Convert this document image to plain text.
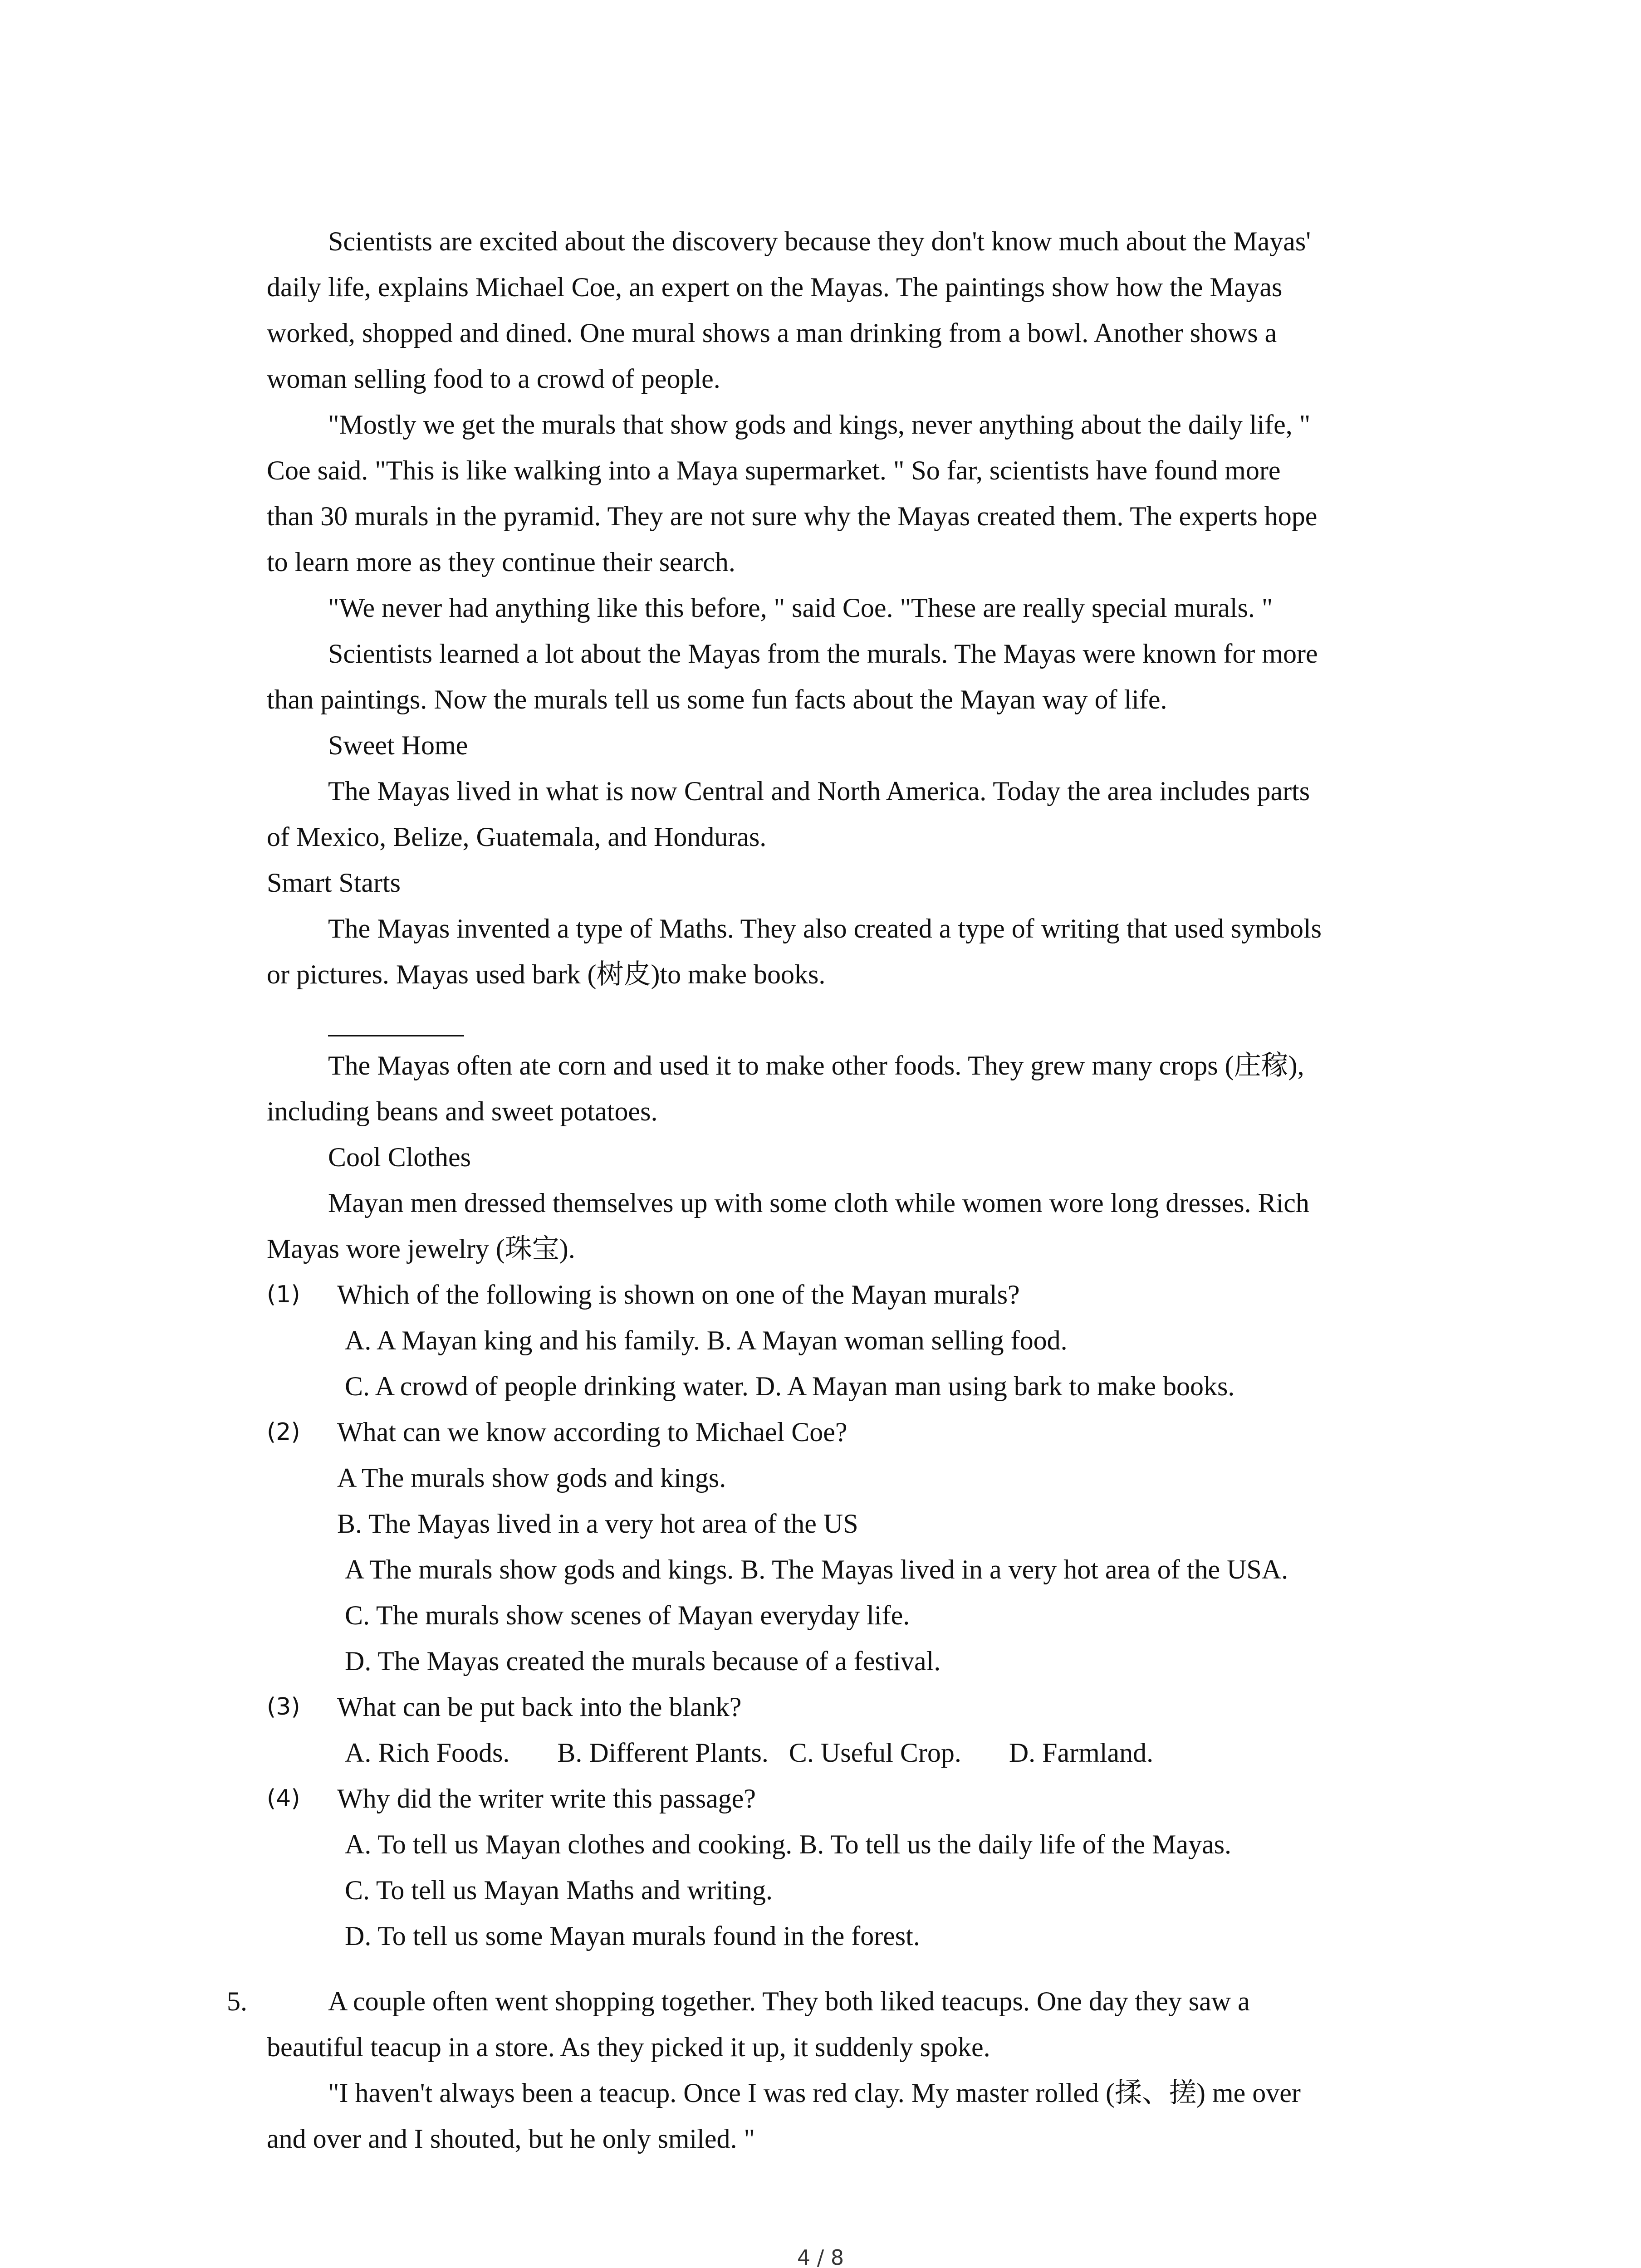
Scientists are excited about the discovery because they don't know much about the Mayas'
daily life, explains Michael Coe, an expert on the Mayas. The paintings show how the Mayas
worked, shopped and dined. One mural shows a man drinking from a bowl. Another shows a
woman selling food to a crowd of people.
"Mostly we get the murals that show gods and kings, never anything about the daily life, "
Coe said. "This is like walking into a Maya supermarket. " So far, scientists have found more
than 30 murals in the pyramid. They are not sure why the Mayas created them. The experts hope
to learn more as they continue their search.
"We never had anything like this before, " said Coe. "These are really special murals. "
Scientists learned a lot about the Mayas from the murals. The Mayas were known for more
than paintings. Now the murals tell us some fun facts about the Mayan way of life.
Sweet Home
The Mayas lived in what is now Central and North America. Today the area includes parts
of Mexico, Belize, Guatemala, and Honduras.
Smart Starts
The Mayas invented a type of Maths. They also created a type of writing that used symbols
or pictures. Mayas used bark (树皮)to make books.
The Mayas often ate corn and used it to make other foods. They grew many crops (庄稼),
including beans and sweet potatoes.
Cool Clothes
Mayan men dressed themselves up with some cloth while women wore long dresses. Rich
Mayas wore jewelry (珠宝).
(1) Which of the following is shown on one of the Mayan murals?
A. A Mayan king and his family. B. A Mayan woman selling food.
C. A crowd of people drinking water. D. A Mayan man using bark to make books.
(2) What can we know according to Michael Coe?
A The murals show gods and kings.
B. The Mayas lived in a very hot area of the US
A The murals show gods and kings. B. The Mayas lived in a very hot area of the USA.
C. The murals show scenes of Mayan everyday life.
D. The Mayas created the murals because of a festival.
(3) What can be put back into the blank?
A. Rich Foods.       B. Different Plants.   C. Useful Crop.       D. Farmland.
(4) Why did the writer write this passage?
A. To tell us Mayan clothes and cooking. B. To tell us the daily life of the Mayas.
C. To tell us Mayan Maths and writing.
D. To tell us some Mayan murals found in the forest.
5.	A couple often went shopping together. They both liked teacups. One day they saw a
beautiful teacup in a store. As they picked it up, it suddenly spoke.
"I haven't always been a teacup. Once I was red clay. My master rolled (揉、搓) me over
and over and I shouted, but he only smiled. "
4 / 8
